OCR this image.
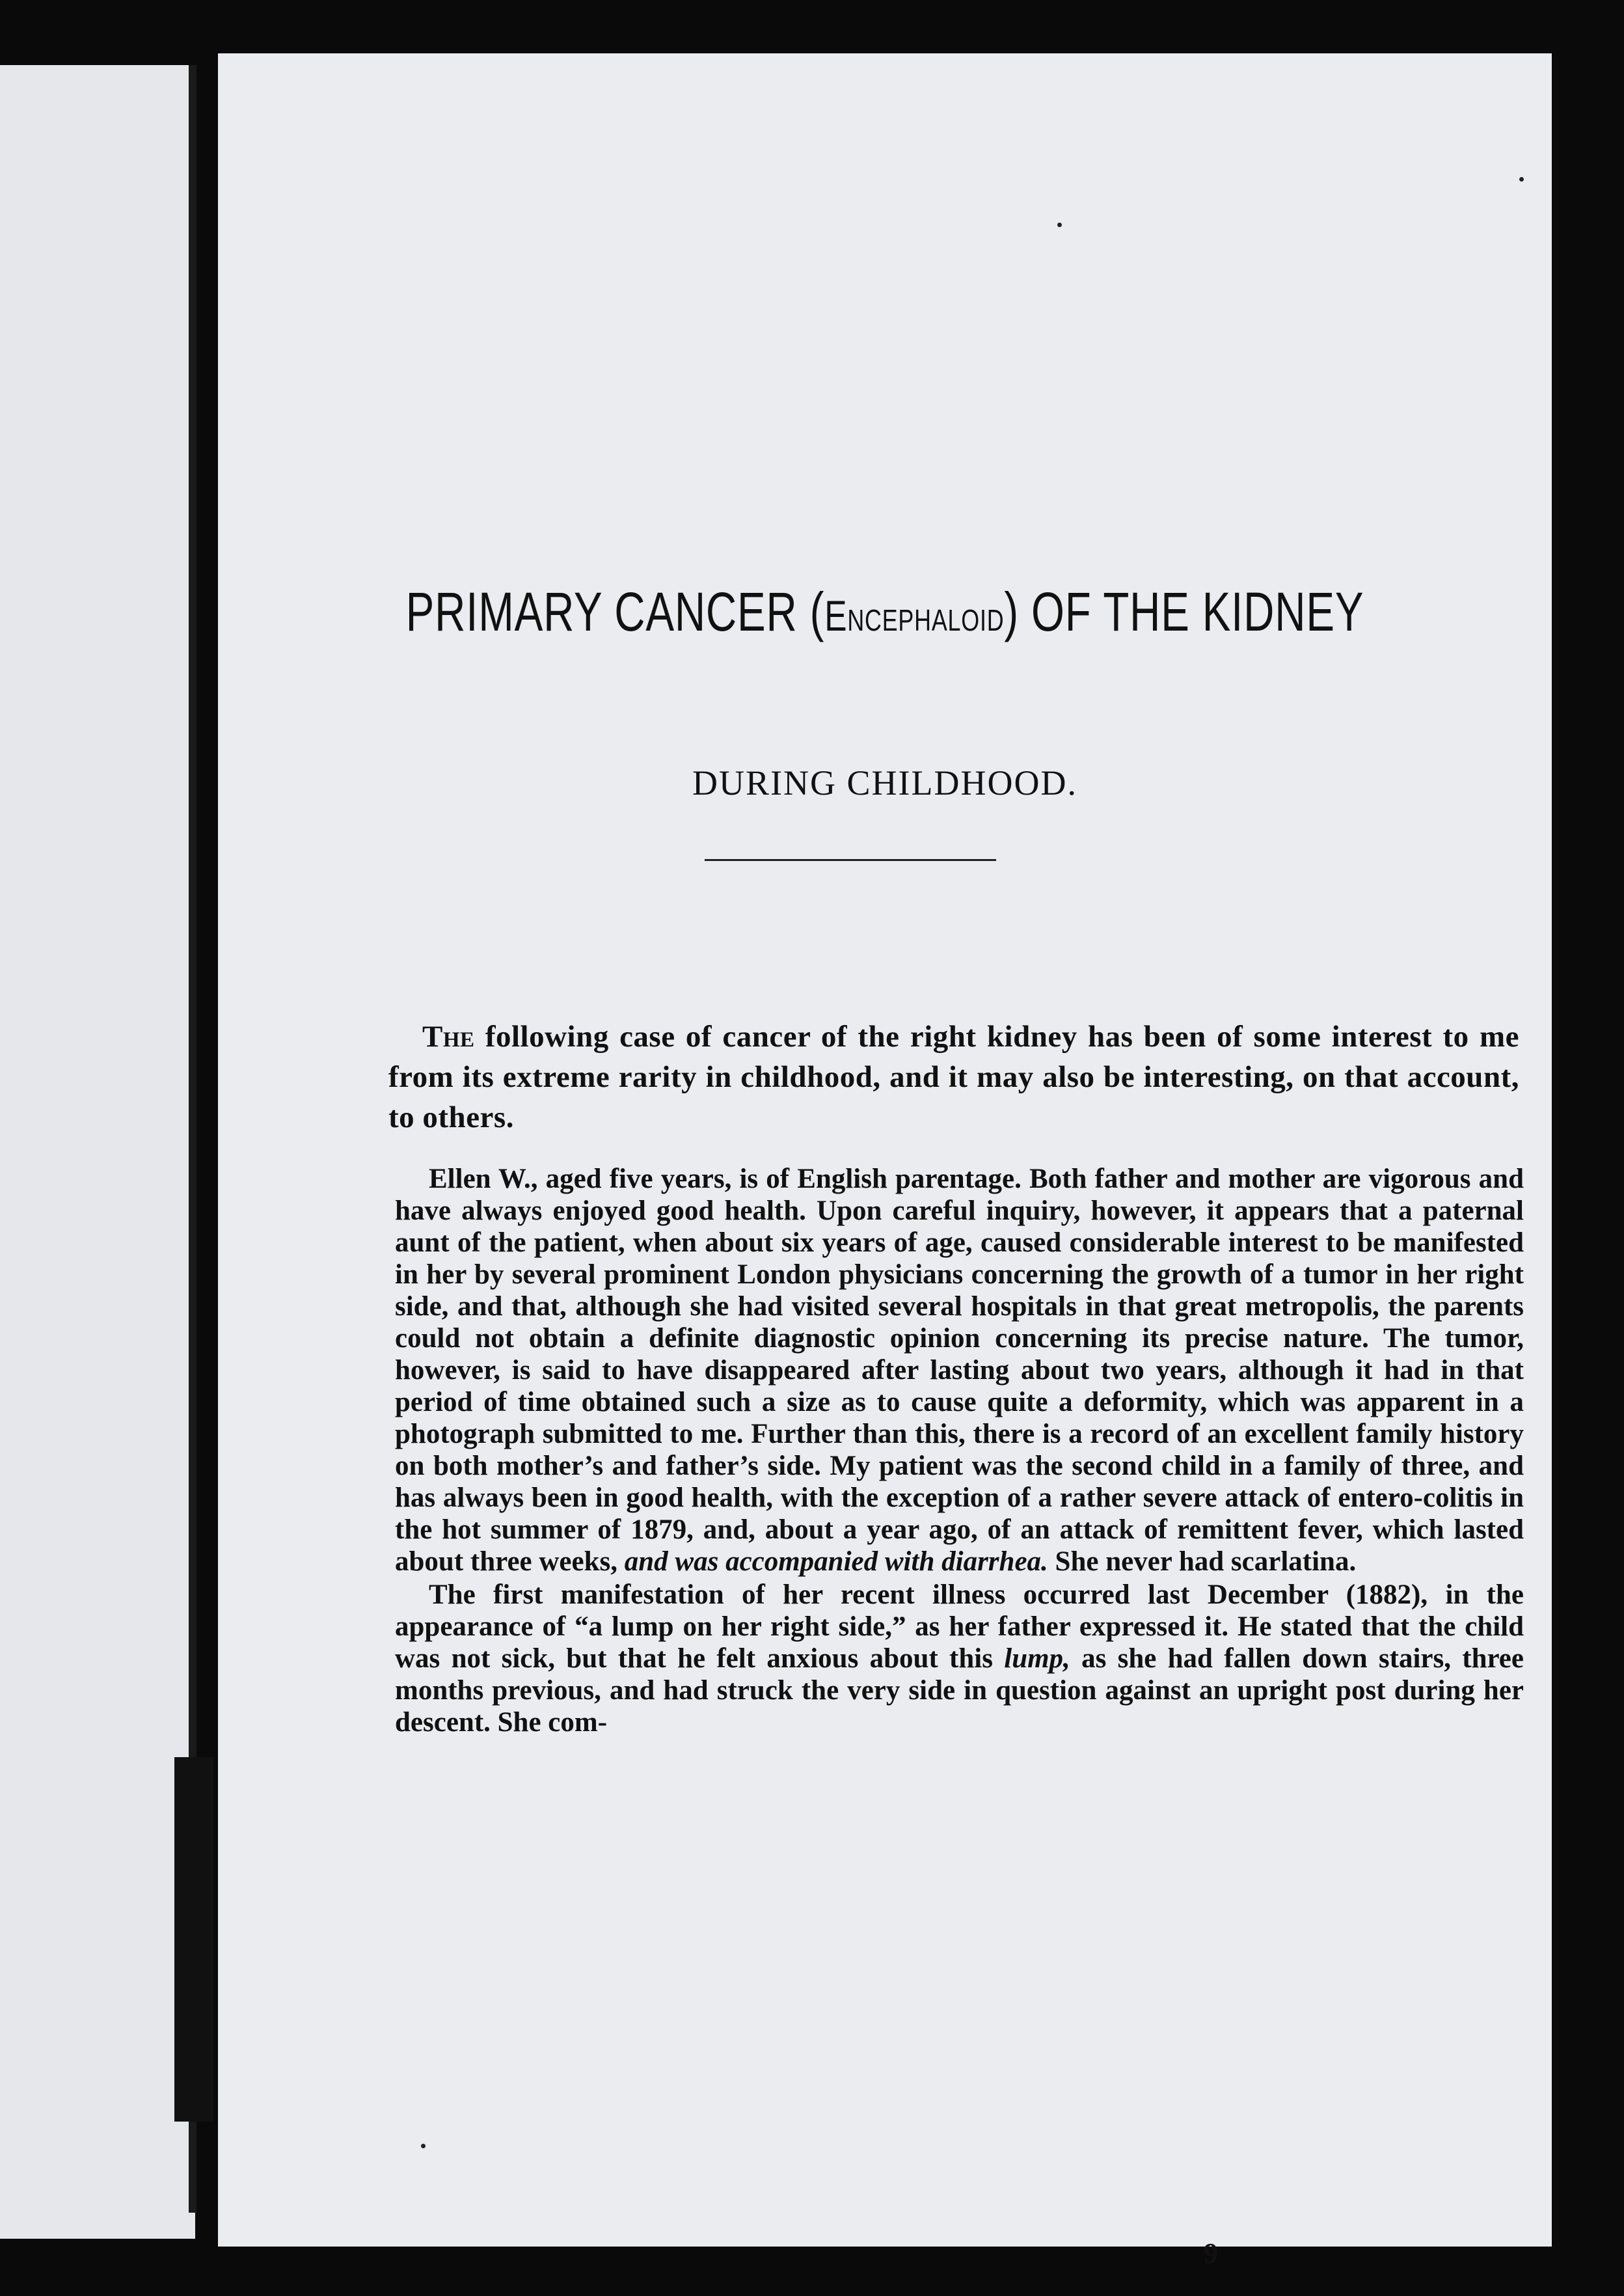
PRIMARY CANCER (Encephaloid) OF THE KIDNEY
DURING CHILDHOOD.
The following case of cancer of the right kidney has been of some interest to me from its extreme rarity in childhood, and it may also be interesting, on that account, to others.

Ellen W., aged five years, is of English parentage. Both father and mother are vigorous and have always enjoyed good health. Upon careful inquiry, however, it appears that a paternal aunt of the patient, when about six years of age, caused considerable interest to be manifested in her by several prominent London physicians concerning the growth of a tumor in her right side, and that, although she had visited several hospitals in that great metropolis, the parents could not obtain a definite diagnostic opinion concerning its precise nature. The tumor, however, is said to have disappeared after lasting about two years, although it had in that period of time obtained such a size as to cause quite a deformity, which was apparent in a photograph submitted to me. Further than this, there is a record of an excellent family history on both mother’s and father’s side. My patient was the second child in a family of three, and has always been in good health, with the exception of a rather severe attack of entero-colitis in the hot summer of 1879, and, about a year ago, of an attack of remittent fever, which lasted about three weeks, and was accompanied with diarrhea. She never had scarlatina.

The first manifestation of her recent illness occurred last December (1882), in the appearance of “a lump on her right side,” as her father expressed it. He stated that the child was not sick, but that he felt anxious about this lump, as she had fallen down stairs, three months previous, and had struck the very side in question against an upright post during her descent. She com-

9
